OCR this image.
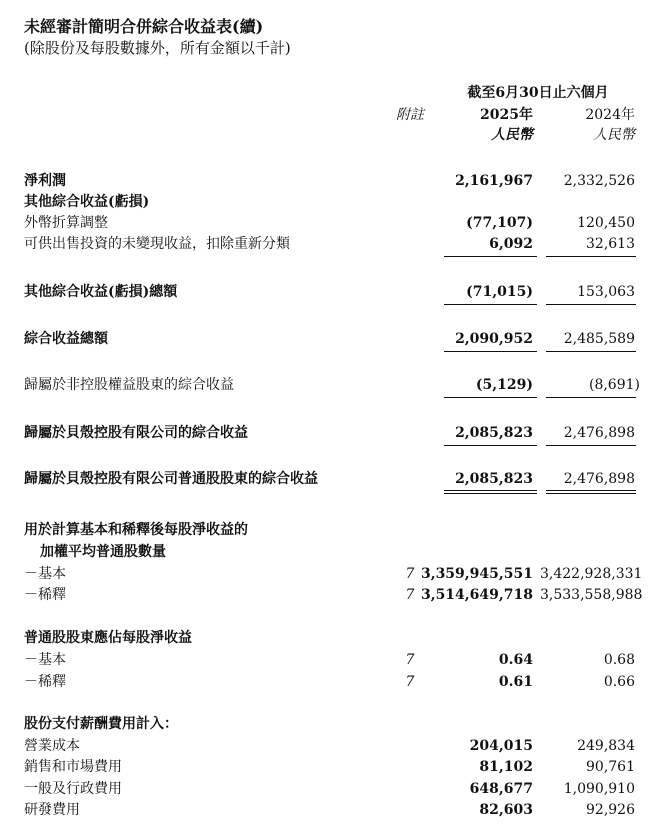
未經審計簡明合併綜合收益表(續)
(除股份及每股數據外，所有金額以千計)
截至6月30日止六個月
附註	2025年	2024年
人民幣	人民幣
淨利潤	2,161,967	2,332,526
其他綜合收益(虧損)
外幣折算調整	(77,107)	120,450
可供出售投資的未變現收益，扣除重新分類	6,092	32,613
其他綜合收益(虧損)總額	(71,015)	153,063
綜合收益總額	2,090,952	2,485,589
歸屬於非控股權益股東的綜合收益	(5,129)	(8,691)
歸屬於貝殼控股有限公司的綜合收益	2,085,823	2,476,898
歸屬於貝殼控股有限公司普通股股東的綜合收益	2,085,823	2,476,898
用於計算基本和稀釋後每股淨收益的
加權平均普通股數量
－基本	7 3,359,945,551 3,422,928,331
－稀釋	7 3,514,649,718 3,533,558,988
普通股股東應佔每股淨收益
－基本	7	0.64	0.68
－稀釋	7	0.61	0.66
股份支付薪酬費用計入：
營業成本	204,015	249,834
銷售和市場費用	81,102	90,761
一般及行政費用	648,677	1,090,910
研發費用	82,603	92,926
